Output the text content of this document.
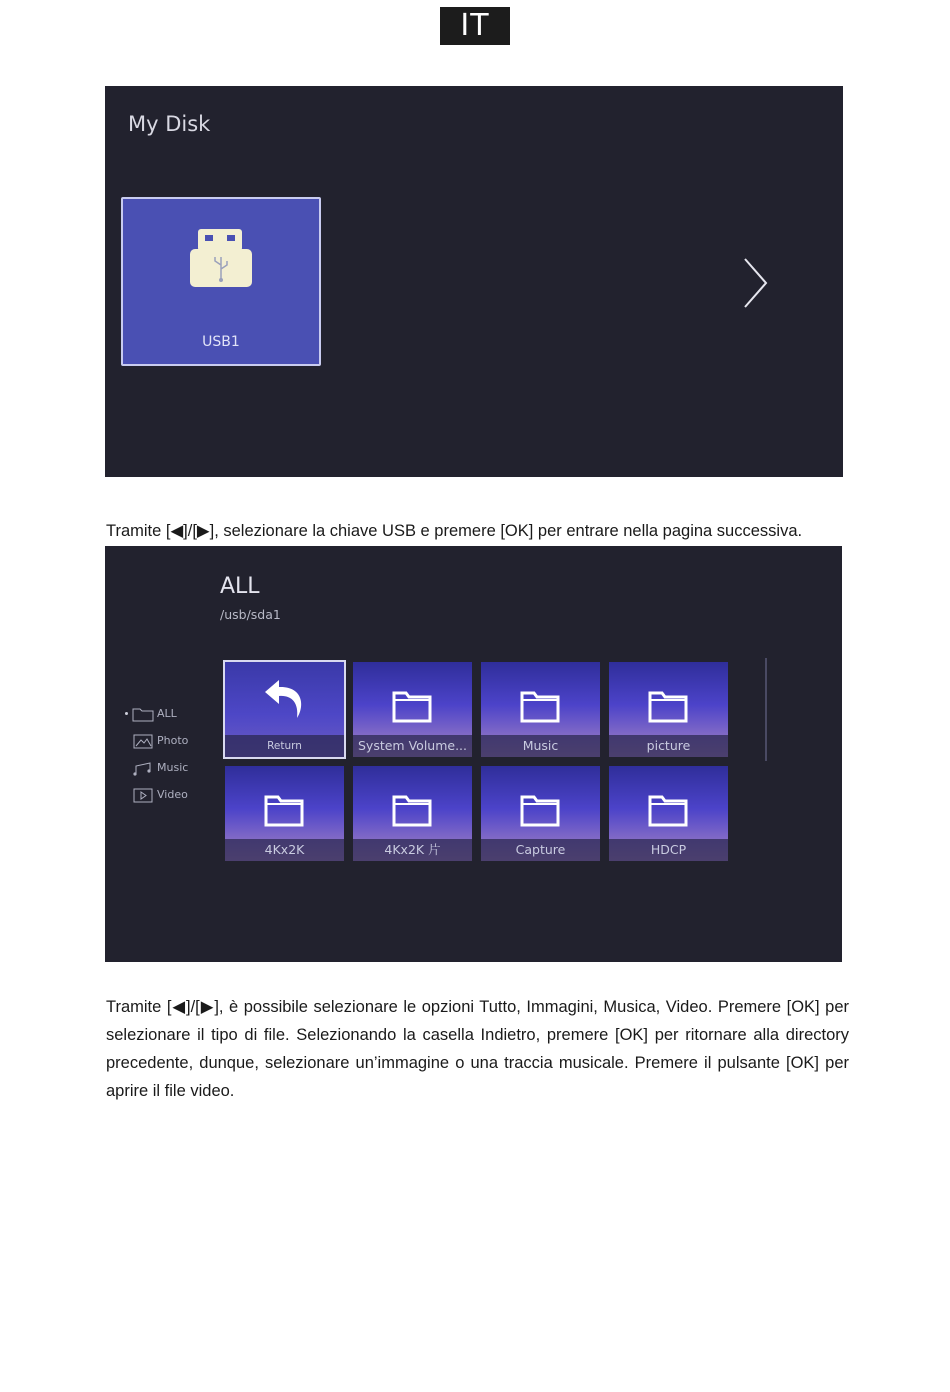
IT
My Disk
USB1
Tramite [◀]/[▶], selezionare la chiave USB e premere [OK] per entrare nella pagina successiva.
ALL
/usb/sda1
ALL
Photo
Music
Video
Return	System Volume...	Music	picture
4Kx2K	4Kx2K 片	Capture	HDCP
Tramite [◀]/[▶], è possibile selezionare le opzioni Tutto, Immagini, Musica, Video. Premere [OK] per selezionare il tipo di file. Selezionando la casella Indietro, premere [OK] per ritornare alla directory precedente, dunque, selezionare un’immagine o una traccia musicale. Premere il pulsante [OK] per aprire il file video.
